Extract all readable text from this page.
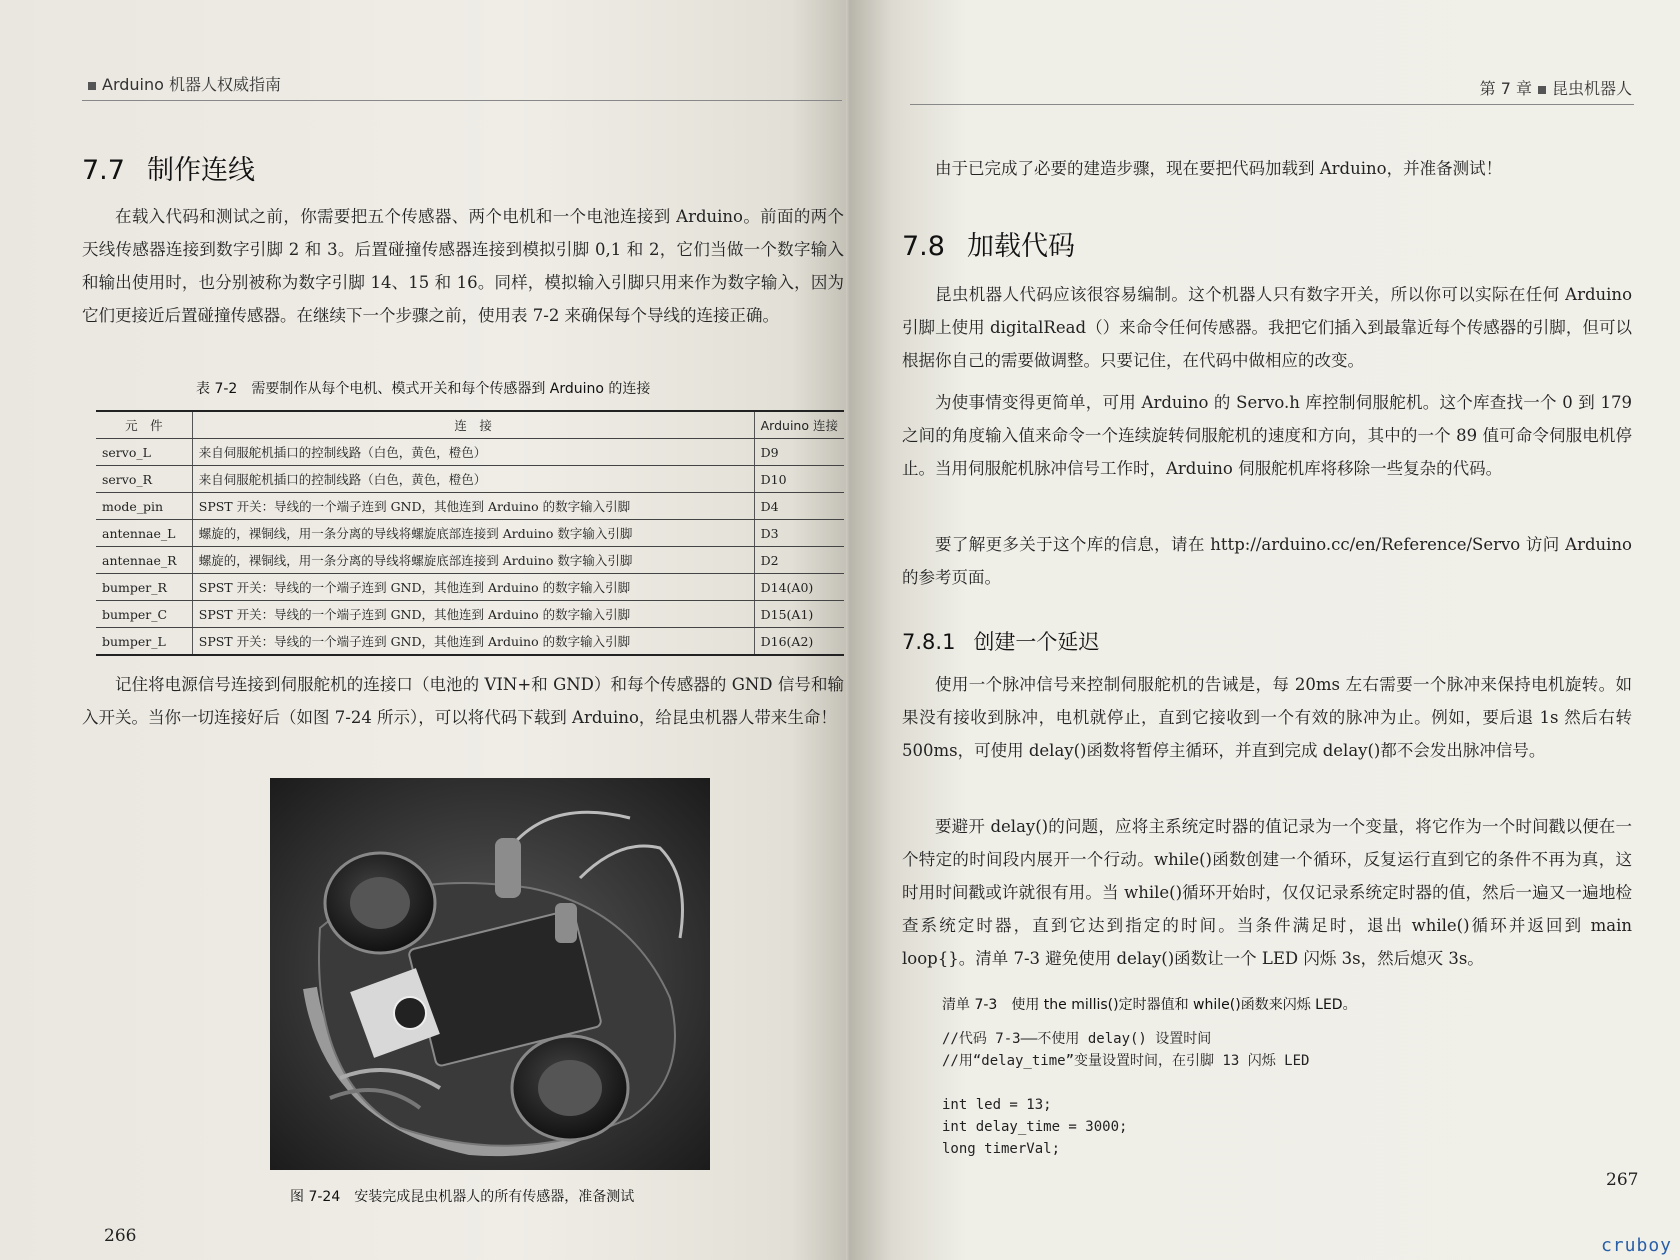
Arduino 机器人权威指南
7.7 制作连线

在载入代码和测试之前，你需要把五个传感器、两个电机和一个电池连接到 Arduino。前面的两个天线传感器连接到数字引脚 2 和 3。后置碰撞传感器连接到模拟引脚 0,1 和 2，它们当做一个数字输入和输出使用时，也分别被称为数字引脚 14、15 和 16。同样，模拟输入引脚只用来作为数字输入，因为它们更接近后置碰撞传感器。在继续下一个步骤之前，使用表 7-2 来确保每个导线的连接正确。

表 7-2　需要制作从每个电机、模式开关和每个传感器到 Arduino 的连接
元　件	连　接	Arduino 连接
servo_L	来自伺服舵机插口的控制线路（白色，黄色，橙色）	D9
servo_R	来自伺服舵机插口的控制线路（白色，黄色，橙色）	D10
mode_pin	SPST 开关：导线的一个端子连到 GND，其他连到 Arduino 的数字输入引脚	D4
antennae_L	螺旋的，裸铜线，用一条分离的导线将螺旋底部连接到 Arduino 数字输入引脚	D3
antennae_R	螺旋的，裸铜线，用一条分离的导线将螺旋底部连接到 Arduino 数字输入引脚	D2
bumper_R	SPST 开关：导线的一个端子连到 GND，其他连到 Arduino 的数字输入引脚	D14(A0)
bumper_C	SPST 开关：导线的一个端子连到 GND，其他连到 Arduino 的数字输入引脚	D15(A1)
bumper_L	SPST 开关：导线的一个端子连到 GND，其他连到 Arduino 的数字输入引脚	D16(A2)

记住将电源信号连接到伺服舵机的连接口（电池的 VIN+和 GND）和每个传感器的 GND 信号和输入开关。当你一切连接好后（如图 7-24 所示），可以将代码下载到 Arduino，给昆虫机器人带来生命！

图 7-24　安装完成昆虫机器人的所有传感器，准备测试
266
第 7 章 昆虫机器人

由于已完成了必要的建造步骤，现在要把代码加载到 Arduino，并准备测试！

7.8 加载代码

昆虫机器人代码应该很容易编制。这个机器人只有数字开关，所以你可以实际在任何 Arduino 引脚上使用 digitalRead（）来命令任何传感器。我把它们插入到最靠近每个传感器的引脚，但可以根据你自己的需要做调整。只要记住，在代码中做相应的改变。

为使事情变得更简单，可用 Arduino 的 Servo.h 库控制伺服舵机。这个库查找一个 0 到 179 之间的角度输入值来命令一个连续旋转伺服舵机的速度和方向，其中的一个 89 值可命令伺服电机停止。当用伺服舵机脉冲信号工作时，Arduino 伺服舵机库将移除一些复杂的代码。

要了解更多关于这个库的信息，请在 http://arduino.cc/en/Reference/Servo 访问 Arduino 的参考页面。

7.8.1 创建一个延迟

使用一个脉冲信号来控制伺服舵机的告诫是，每 20ms 左右需要一个脉冲来保持电机旋转。如果没有接收到脉冲，电机就停止，直到它接收到一个有效的脉冲为止。例如，要后退 1s 然后右转 500ms，可使用 delay()函数将暂停主循环，并直到完成 delay()都不会发出脉冲信号。

要避开 delay()的问题，应将主系统定时器的值记录为一个变量，将它作为一个时间戳以便在一个特定的时间段内展开一个行动。while()函数创建一个循环，反复运行直到它的条件不再为真，这时用时间戳或许就很有用。当 while()循环开始时，仅仅记录系统定时器的值，然后一遍又一遍地检查系统定时器，直到它达到指定的时间。当条件满足时，退出 while()循环并返回到 main loop{}。清单 7-3 避免使用 delay()函数让一个 LED 闪烁 3s，然后熄灭 3s。

清单 7-3　使用 the millis()定时器值和 while()函数来闪烁 LED。
//代码 7-3——不使用 delay() 设置时间
//用“delay_time”变量设置时间，在引脚 13 闪烁 LED

int led = 13;
int delay_time = 3000;
long timerVal;
267
cruboy
